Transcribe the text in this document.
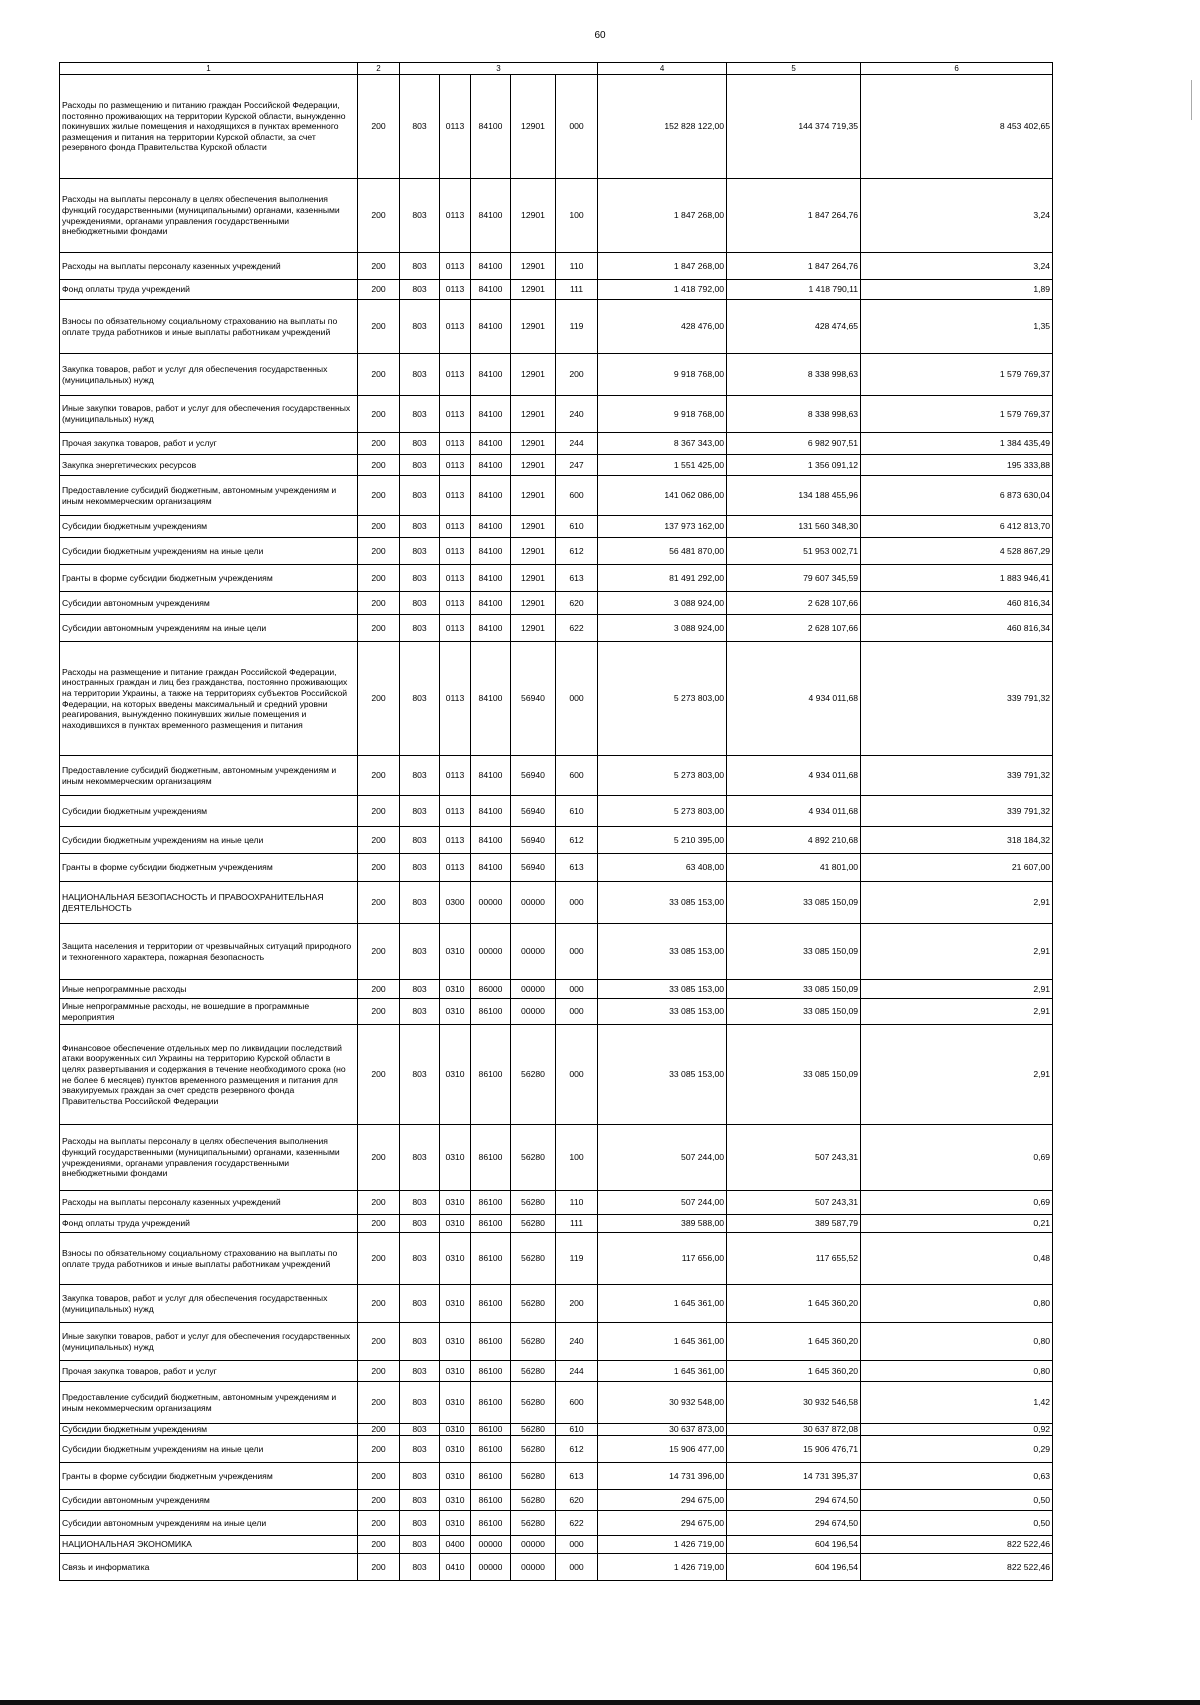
60
1	2	3					4	5	6
Расходы по размещению и питанию граждан Российской Федерации, постоянно проживающих на территории Курской области, вынужденно покинувших жилые помещения и находящихся в пунктах временного размещения и питания на территории Курской области, за счет резервного фонда Правительства Курской области	200	803	0113	84100	12901	000	152 828 122,00	144 374 719,35	8 453 402,65
Расходы на выплаты персоналу в целях обеспечения выполнения функций государственными (муниципальными) органами, казенными учреждениями, органами управления государственными внебюджетными фондами	200	803	0113	84100	12901	100	1 847 268,00	1 847 264,76	3,24
Расходы на выплаты персоналу казенных учреждений	200	803	0113	84100	12901	110	1 847 268,00	1 847 264,76	3,24
Фонд оплаты труда учреждений	200	803	0113	84100	12901	111	1 418 792,00	1 418 790,11	1,89
Взносы по обязательному социальному страхованию на выплаты по оплате труда работников и иные выплаты работникам учреждений	200	803	0113	84100	12901	119	428 476,00	428 474,65	1,35
Закупка товаров, работ и услуг для обеспечения государственных (муниципальных) нужд	200	803	0113	84100	12901	200	9 918 768,00	8 338 998,63	1 579 769,37
Иные закупки товаров, работ и услуг для обеспечения государственных (муниципальных) нужд	200	803	0113	84100	12901	240	9 918 768,00	8 338 998,63	1 579 769,37
Прочая закупка товаров, работ и услуг	200	803	0113	84100	12901	244	8 367 343,00	6 982 907,51	1 384 435,49
Закупка энергетических ресурсов	200	803	0113	84100	12901	247	1 551 425,00	1 356 091,12	195 333,88
Предоставление субсидий бюджетным, автономным учреждениям и иным некоммерческим организациям	200	803	0113	84100	12901	600	141 062 086,00	134 188 455,96	6 873 630,04
Субсидии бюджетным учреждениям	200	803	0113	84100	12901	610	137 973 162,00	131 560 348,30	6 412 813,70
Субсидии бюджетным учреждениям на иные цели	200	803	0113	84100	12901	612	56 481 870,00	51 953 002,71	4 528 867,29
Гранты в форме субсидии бюджетным учреждениям	200	803	0113	84100	12901	613	81 491 292,00	79 607 345,59	1 883 946,41
Субсидии автономным учреждениям	200	803	0113	84100	12901	620	3 088 924,00	2 628 107,66	460 816,34
Субсидии автономным учреждениям на иные цели	200	803	0113	84100	12901	622	3 088 924,00	2 628 107,66	460 816,34
Расходы на размещение и питание граждан Российской Федерации, иностранных граждан и лиц без гражданства, постоянно проживающих на территории Украины, а также на территориях субъектов Российской Федерации, на которых введены максимальный и средний уровни реагирования, вынужденно покинувших жилые помещения и находившихся в пунктах временного размещения и питания	200	803	0113	84100	56940	000	5 273 803,00	4 934 011,68	339 791,32
Предоставление субсидий бюджетным, автономным учреждениям и иным некоммерческим организациям	200	803	0113	84100	56940	600	5 273 803,00	4 934 011,68	339 791,32
Субсидии бюджетным учреждениям	200	803	0113	84100	56940	610	5 273 803,00	4 934 011,68	339 791,32
Субсидии бюджетным учреждениям на иные цели	200	803	0113	84100	56940	612	5 210 395,00	4 892 210,68	318 184,32
Гранты в форме субсидии бюджетным учреждениям	200	803	0113	84100	56940	613	63 408,00	41 801,00	21 607,00
НАЦИОНАЛЬНАЯ БЕЗОПАСНОСТЬ И ПРАВООХРАНИТЕЛЬНАЯ ДЕЯТЕЛЬНОСТЬ	200	803	0300	00000	00000	000	33 085 153,00	33 085 150,09	2,91
Защита населения и территории от чрезвычайных ситуаций природного и техногенного характера, пожарная безопасность	200	803	0310	00000	00000	000	33 085 153,00	33 085 150,09	2,91
Иные непрограммные расходы	200	803	0310	86000	00000	000	33 085 153,00	33 085 150,09	2,91
Иные непрограммные расходы, не вошедшие в программные мероприятия	200	803	0310	86100	00000	000	33 085 153,00	33 085 150,09	2,91
Финансовое обеспечение отдельных мер по ликвидации последствий атаки вооруженных сил Украины на территорию Курской области в целях развертывания и содержания в течение необходимого срока (но не более 6 месяцев) пунктов временного размещения и питания для эвакуируемых граждан за счет средств резервного фонда Правительства Российской Федерации	200	803	0310	86100	56280	000	33 085 153,00	33 085 150,09	2,91
Расходы на выплаты персоналу в целях обеспечения выполнения функций государственными (муниципальными) органами, казенными учреждениями, органами управления государственными внебюджетными фондами	200	803	0310	86100	56280	100	507 244,00	507 243,31	0,69
Расходы на выплаты персоналу казенных учреждений	200	803	0310	86100	56280	110	507 244,00	507 243,31	0,69
Фонд оплаты труда учреждений	200	803	0310	86100	56280	111	389 588,00	389 587,79	0,21
Взносы по обязательному социальному страхованию на выплаты по оплате труда работников и иные выплаты работникам учреждений	200	803	0310	86100	56280	119	117 656,00	117 655,52	0,48
Закупка товаров, работ и услуг для обеспечения государственных (муниципальных) нужд	200	803	0310	86100	56280	200	1 645 361,00	1 645 360,20	0,80
Иные закупки товаров, работ и услуг для обеспечения государственных (муниципальных) нужд	200	803	0310	86100	56280	240	1 645 361,00	1 645 360,20	0,80
Прочая закупка товаров, работ и услуг	200	803	0310	86100	56280	244	1 645 361,00	1 645 360,20	0,80
Предоставление субсидий бюджетным, автономным учреждениям и иным некоммерческим организациям	200	803	0310	86100	56280	600	30 932 548,00	30 932 546,58	1,42
Субсидии бюджетным учреждениям	200	803	0310	86100	56280	610	30 637 873,00	30 637 872,08	0,92
Субсидии бюджетным учреждениям на иные цели	200	803	0310	86100	56280	612	15 906 477,00	15 906 476,71	0,29
Гранты в форме субсидии бюджетным учреждениям	200	803	0310	86100	56280	613	14 731 396,00	14 731 395,37	0,63
Субсидии автономным учреждениям	200	803	0310	86100	56280	620	294 675,00	294 674,50	0,50
Субсидии автономным учреждениям на иные цели	200	803	0310	86100	56280	622	294 675,00	294 674,50	0,50
НАЦИОНАЛЬНАЯ ЭКОНОМИКА	200	803	0400	00000	00000	000	1 426 719,00	604 196,54	822 522,46
Связь и информатика	200	803	0410	00000	00000	000	1 426 719,00	604 196,54	822 522,46
